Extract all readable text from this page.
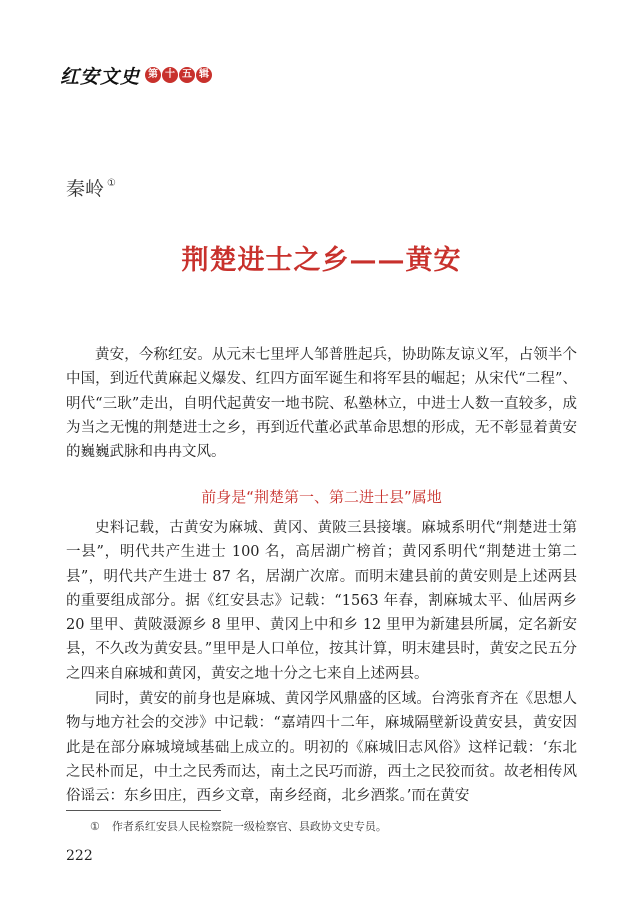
红安文史 第 十 五 辑
秦岭 ①
荆楚进士之乡——黄安

黄安，今称红安。从元末七里坪人邹普胜起兵，协助陈友谅义军，占领半个中国，到近代黄麻起义爆发、红四方面军诞生和将军县的崛起；从宋代“二程”、明代“三耿”走出，自明代起黄安一地书院、私塾林立，中进士人数一直较多，成为当之无愧的荆楚进士之乡，再到近代董必武革命思想的形成，无不彰显着黄安的巍巍武脉和冉冉文风。

前身是“荆楚第一、第二进士县”属地

史料记载，古黄安为麻城、黄冈、黄陂三县接壤。麻城系明代“荆楚进士第一县”，明代共产生进士 100 名，高居湖广榜首；黄冈系明代“荆楚进士第二县”，明代共产生进士 87 名，居湖广次席。而明末建县前的黄安则是上述两县的重要组成部分。据《红安县志》记载：“1563 年春，割麻城太平、仙居两乡 20 里甲、黄陂滠源乡 8 里甲、黄冈上中和乡 12 里甲为新建县所属，定名新安县，不久改为黄安县。”里甲是人口单位，按其计算，明末建县时，黄安之民五分之四来自麻城和黄冈，黄安之地十分之七来自上述两县。

同时，黄安的前身也是麻城、黄冈学风鼎盛的区域。台湾张育齐在《思想人物与地方社会的交涉》中记载：“嘉靖四十二年，麻城隔壁新设黄安县，黄安因此是在部分麻城境域基础上成立的。明初的《麻城旧志风俗》这样记载：‘东北之民朴而足，中土之民秀而达，南土之民巧而游，西土之民狡而贫。故老相传风俗谣云：东乡田庄，西乡文章，南乡经商，北乡酒浆。’而在黄安

① 作者系红安县人民检察院一级检察官、县政协文史专员。
222
